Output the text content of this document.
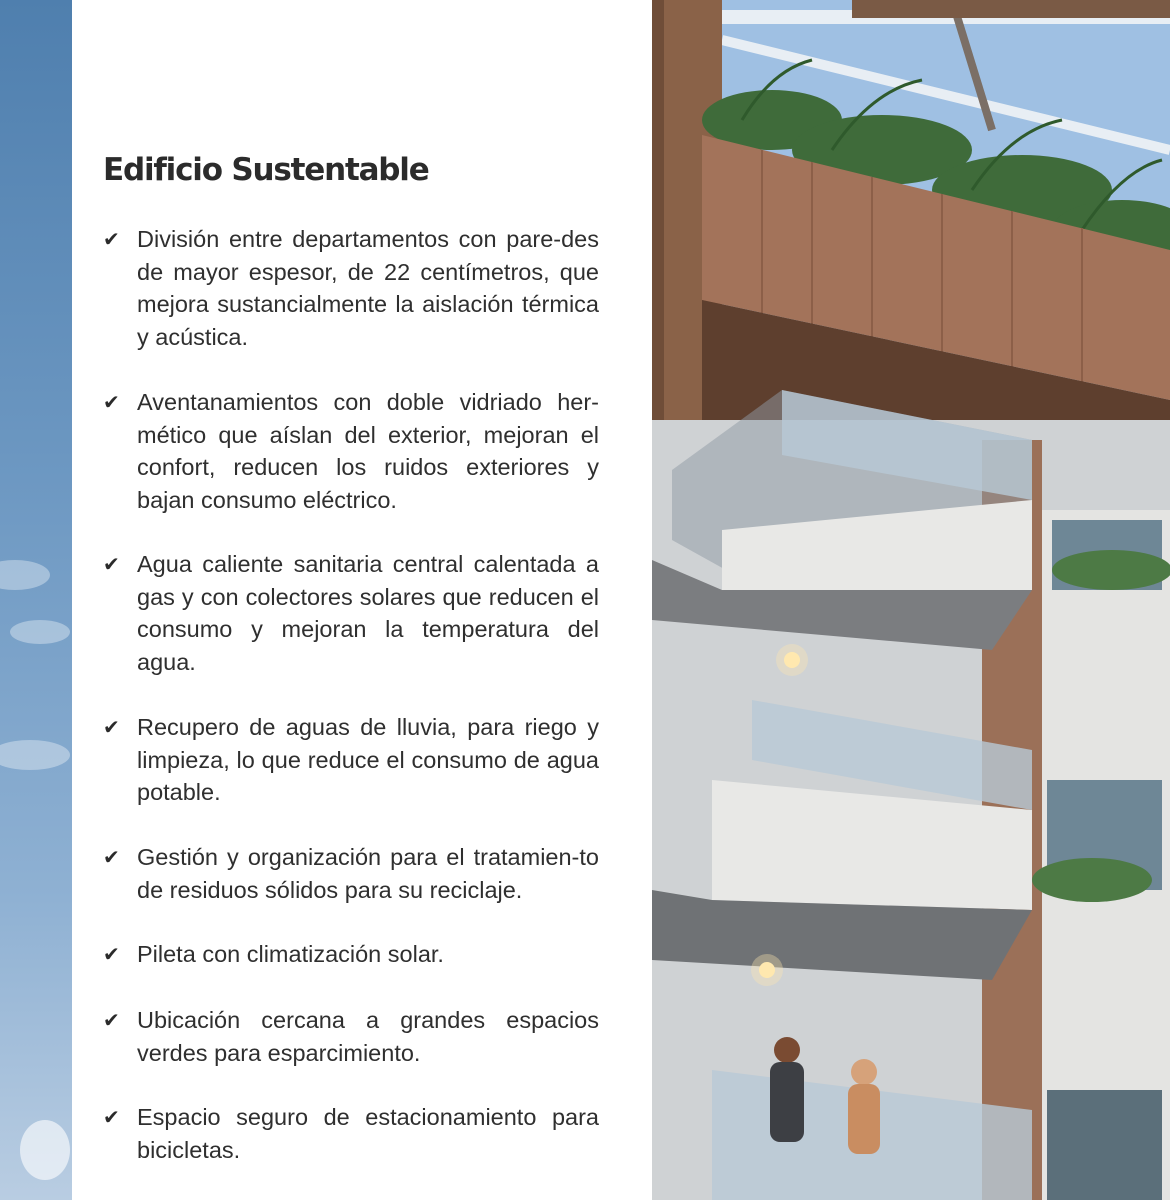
Edificio Sustentable
✔ División entre departamentos con pare-des de mayor espesor, de 22 centímetros, que mejora sustancialmente la aislación térmica y acústica.
✔ Aventanamientos con doble vidriado her-mético que aíslan del exterior, mejoran el confort, reducen los ruidos exteriores y bajan consumo eléctrico.
✔ Agua caliente sanitaria central calentada a gas y con colectores solares que reducen el consumo y mejoran la temperatura del agua.
✔ Recupero de aguas de lluvia, para riego y limpieza, lo que reduce el consumo de agua potable.
✔ Gestión y organización para el tratamien-to de residuos sólidos para su reciclaje.
✔ Pileta con climatización solar.
✔ Ubicación cercana a grandes espacios verdes para esparcimiento.
✔ Espacio seguro de estacionamiento para bicicletas.
